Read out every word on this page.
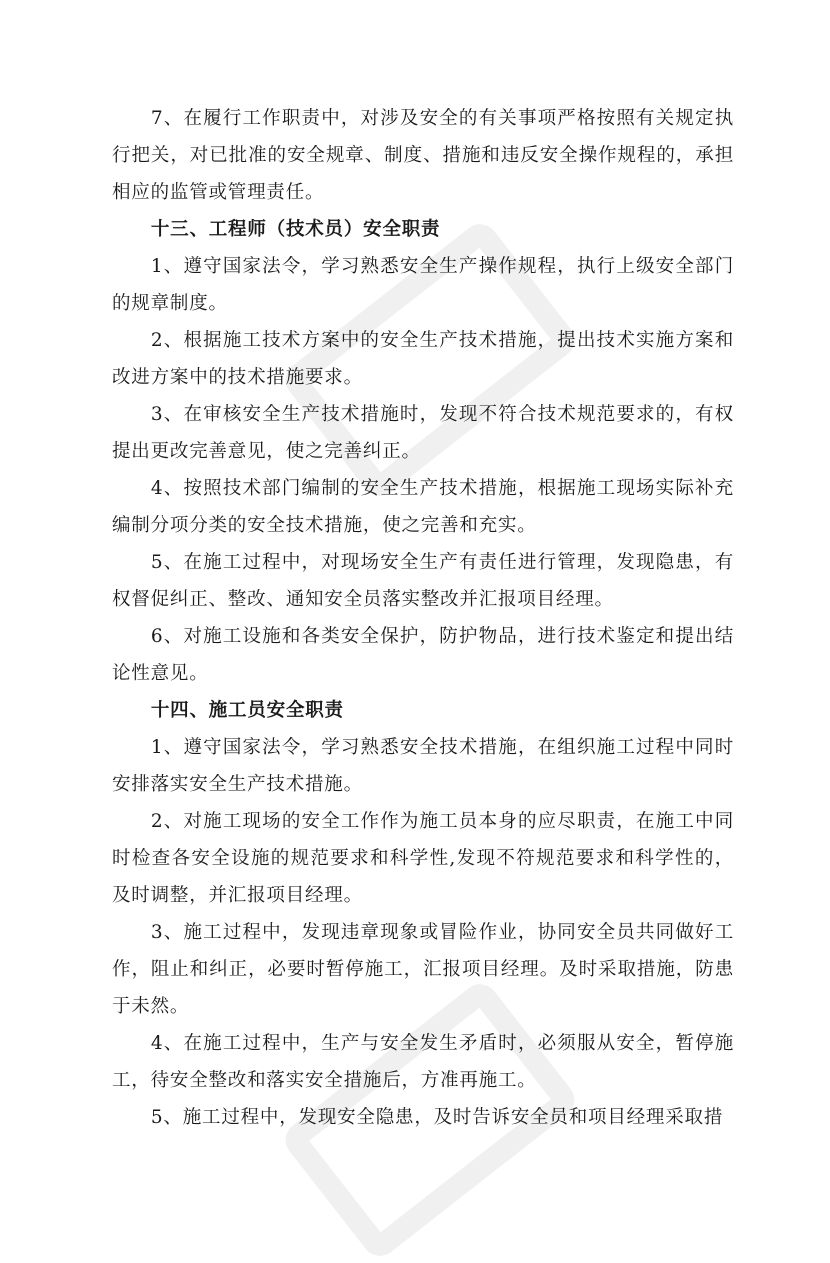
7、在履行工作职责中，对涉及安全的有关事项严格按照有关规定执行把关，对已批准的安全规章、制度、措施和违反安全操作规程的，承担相应的监管或管理责任。

十三、工程师（技术员）安全职责

1、遵守国家法令，学习熟悉安全生产操作规程，执行上级安全部门的规章制度。

2、根据施工技术方案中的安全生产技术措施，提出技术实施方案和改进方案中的技术措施要求。

3、在审核安全生产技术措施时，发现不符合技术规范要求的，有权提出更改完善意见，使之完善纠正。

4、按照技术部门编制的安全生产技术措施，根据施工现场实际补充编制分项分类的安全技术措施，使之完善和充实。

5、在施工过程中，对现场安全生产有责任进行管理，发现隐患，有权督促纠正、整改、通知安全员落实整改并汇报项目经理。

6、对施工设施和各类安全保护，防护物品，进行技术鉴定和提出结论性意见。

十四、施工员安全职责

1、遵守国家法令，学习熟悉安全技术措施，在组织施工过程中同时安排落实安全生产技术措施。

2、对施工现场的安全工作作为施工员本身的应尽职责，在施工中同时检查各安全设施的规范要求和科学性,发现不符规范要求和科学性的，及时调整，并汇报项目经理。

3、施工过程中，发现违章现象或冒险作业，协同安全员共同做好工作，阻止和纠正，必要时暂停施工，汇报项目经理。及时采取措施，防患于未然。

4、在施工过程中，生产与安全发生矛盾时，必须服从安全，暂停施工，待安全整改和落实安全措施后，方准再施工。

5、施工过程中，发现安全隐患，及时告诉安全员和项目经理采取措
